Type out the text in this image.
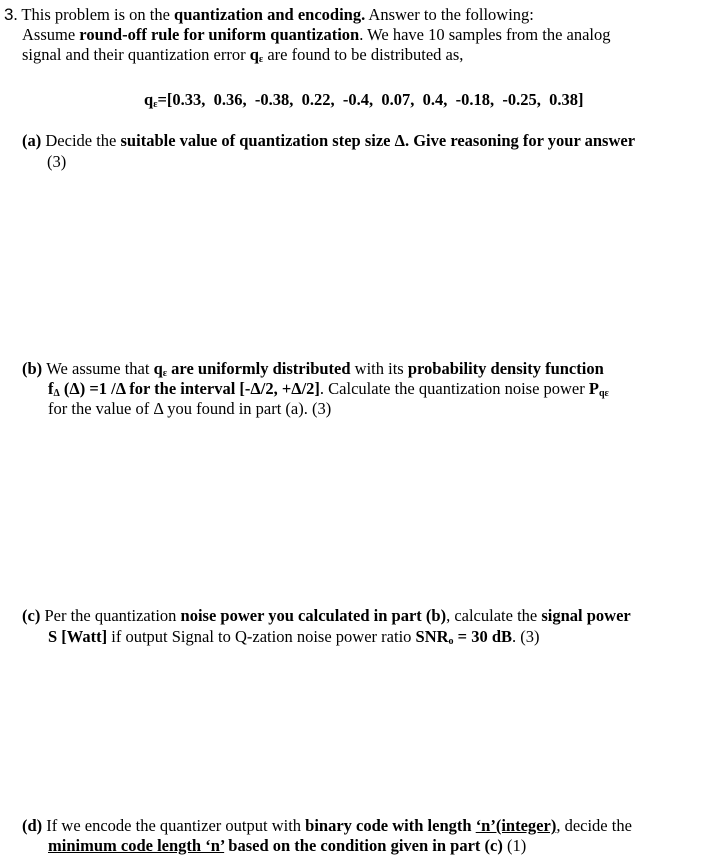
3. This problem is on the quantization and encoding. Answer to the following:
Assume round-off rule for uniform quantization. We have 10 samples from the analog
signal and their quantization error $q_\varepsilon$ are found to be distributed as,
$q_\varepsilon=[0.33$,  0.36,  -0.38,  0.22,  -0.4,  0.07,  0.4,  -0.18,  -0.25,  0.38]
(a) Decide the suitable value of quantization step size Δ. Give reasoning for your answer
(3)
(b) We assume that $q_\varepsilon$ are uniformly distributed with its probability density function
$f_\Delta$ (Δ) =1 /Δ for the interval [-Δ/2, +Δ/2]. Calculate the quantization noise power $P_{q\varepsilon}$
for the value of Δ you found in part (a). (3)
(c) Per the quantization noise power you calculated in part (b), calculate the signal power
S [Watt] if output Signal to Q-zation noise power ratio $SNR_o = 30$ dB. (3)
(d) If we encode the quantizer output with binary code with length ‘n’(integer), decide the
minimum code length ‘n’ based on the condition given in part (c) (1)
